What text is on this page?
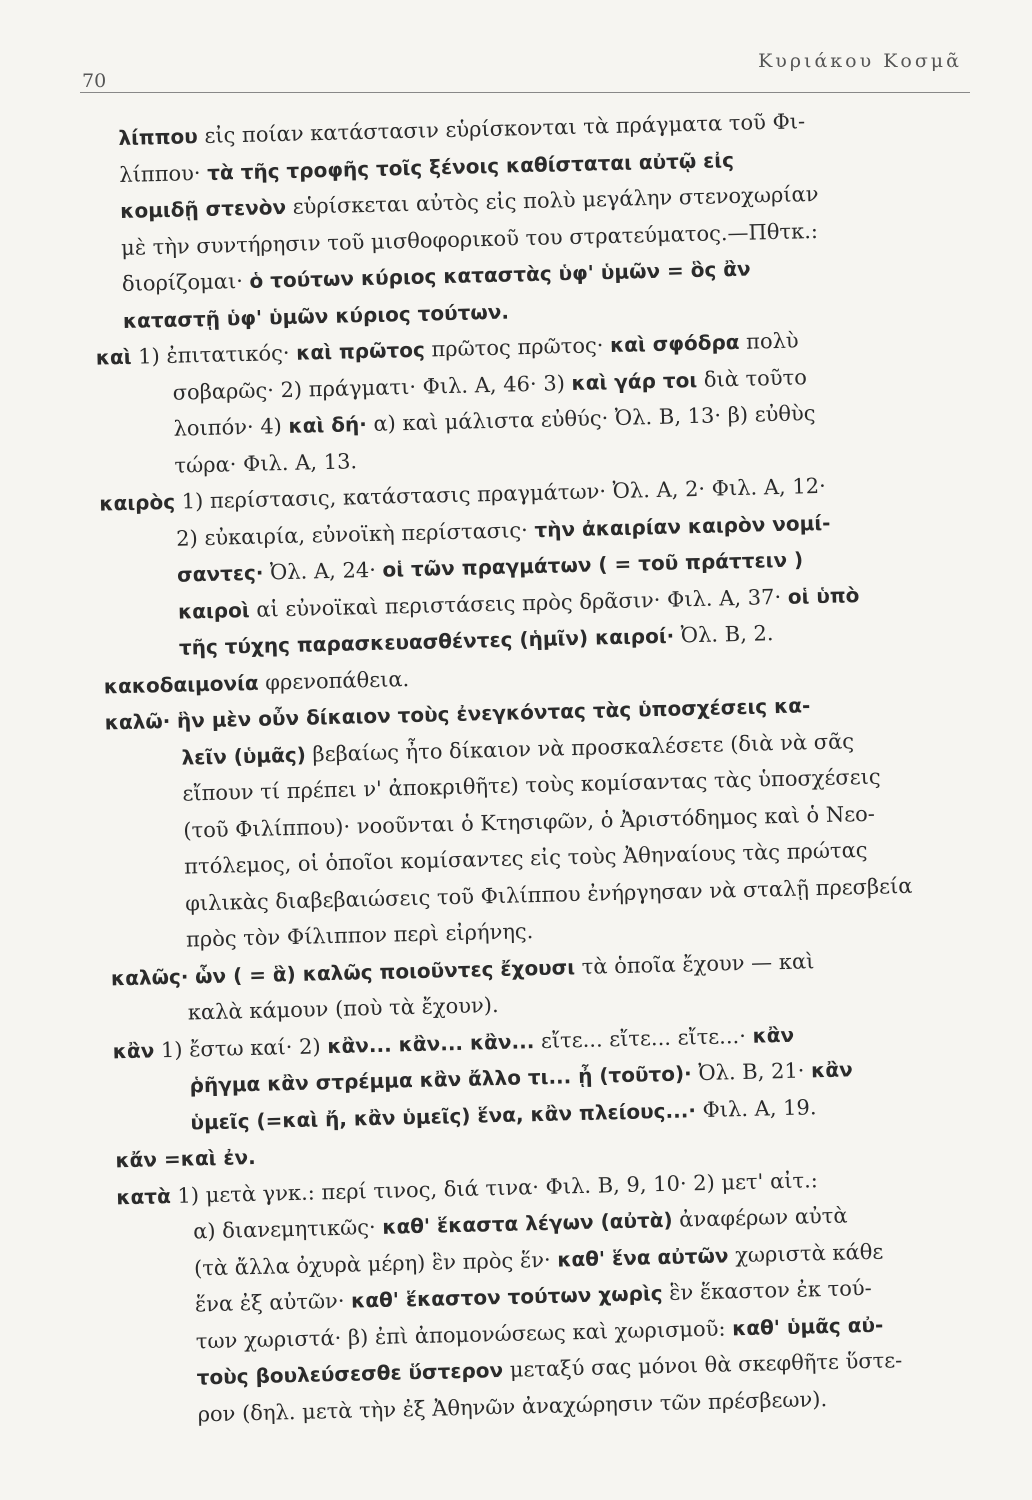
70
Κυριάκου Κοσμᾶ
λίππου εἰς ποίαν κατάστασιν εὑρίσκονται τὰ πράγματα τοῦ Φι-
λίππου· τὰ τῆς τροφῆς τοῖς ξένοις καθίσταται αὐτῷ εἰς
κομιδῇ στενὸν εὑρίσκεται αὐτὸς εἰς πολὺ μεγάλην στενοχωρίαν
μὲ τὴν συντήρησιν τοῦ μισθοφορικοῦ του στρατεύματος.—Πθτκ.:
διορίζομαι· ὁ τούτων κύριος καταστὰς ὑφ' ὑμῶν = ὃς ἂν
καταστῇ ὑφ' ὑμῶν κύριος τούτων.
καὶ 1) ἐπιτατικός· καὶ πρῶτος πρῶτος πρῶτος· καὶ σφόδρα πολὺ
σοβαρῶς· 2) πράγματι· Φιλ. Α, 46· 3) καὶ γάρ τοι διὰ τοῦτο
λοιπόν· 4) καὶ δή· α) καὶ μάλιστα εὐθύς· Ὀλ. Β, 13· β) εὐθὺς
τώρα· Φιλ. Α, 13.
καιρὸς 1) περίστασις, κατάστασις πραγμάτων· Ὀλ. Α, 2· Φιλ. Α, 12·
2) εὐκαιρία, εὐνοϊκὴ περίστασις· τὴν ἀκαιρίαν καιρὸν νομί-
σαντες· Ὀλ. Α, 24· οἱ τῶν πραγμάτων ( = τοῦ πράττειν )
καιροὶ αἱ εὐνοϊκαὶ περιστάσεις πρὸς δρᾶσιν· Φιλ. Α, 37· οἱ ὑπὸ
τῆς τύχης παρασκευασθέντες (ἡμῖν) καιροί· Ὀλ. Β, 2.
κακοδαιμονία φρενοπάθεια.
καλῶ· ἣν μὲν οὖν δίκαιον τοὺς ἐνεγκόντας τὰς ὑποσχέσεις κα-
λεῖν (ὑμᾶς) βεβαίως ἦτο δίκαιον νὰ προσκαλέσετε (διὰ νὰ σᾶς
εἴπουν τί πρέπει ν' ἀποκριθῆτε) τοὺς κομίσαντας τὰς ὑποσχέσεις
(τοῦ Φιλίππου)· νοοῦνται ὁ Κτησιφῶν, ὁ Ἀριστόδημος καὶ ὁ Νεο-
πτόλεμος, οἱ ὁποῖοι κομίσαντες εἰς τοὺς Ἀθηναίους τὰς πρώτας
φιλικὰς διαβεβαιώσεις τοῦ Φιλίππου ἐνήργησαν νὰ σταλῇ πρεσβεία
πρὸς τὸν Φίλιππον περὶ εἰρήνης.
καλῶς· ὧν ( = ἃ) καλῶς ποιοῦντες ἔχουσι τὰ ὁποῖα ἔχουν — καὶ
καλὰ κάμουν (ποὺ τὰ ἔχουν).
κἂν 1) ἔστω καί· 2) κἂν... κἂν... κἂν... εἴτε... εἴτε... εἴτε...· κἂν
ῥῆγμα κἂν στρέμμα κἂν ἄλλο τι... ᾖ (τοῦτο)· Ὀλ. Β, 21· κἂν
ὑμεῖς (=καὶ ἤ, κἂν ὑμεῖς) ἕνα, κἂν πλείους...· Φιλ. Α, 19.
κἄν =καὶ ἐν.
κατὰ 1) μετὰ γνκ.: περί τινος, διά τινα· Φιλ. Β, 9, 10· 2) μετ' αἰτ.:
α) διανεμητικῶς· καθ' ἕκαστα λέγων (αὐτὰ) ἀναφέρων αὐτὰ
(τὰ ἄλλα ὀχυρὰ μέρη) ἓν πρὸς ἕν· καθ' ἕνα αὐτῶν χωριστὰ κάθε
ἕνα ἐξ αὐτῶν· καθ' ἕκαστον τούτων χωρὶς ἓν ἕκαστον ἐκ τού-
των χωριστά· β) ἐπὶ ἀπομονώσεως καὶ χωρισμοῦ: καθ' ὑμᾶς αὐ-
τοὺς βουλεύσεσθε ὕστερον μεταξύ σας μόνοι θὰ σκεφθῆτε ὕστε-
ρον (δηλ. μετὰ τὴν ἐξ Ἀθηνῶν ἀναχώρησιν τῶν πρέσβεων).
